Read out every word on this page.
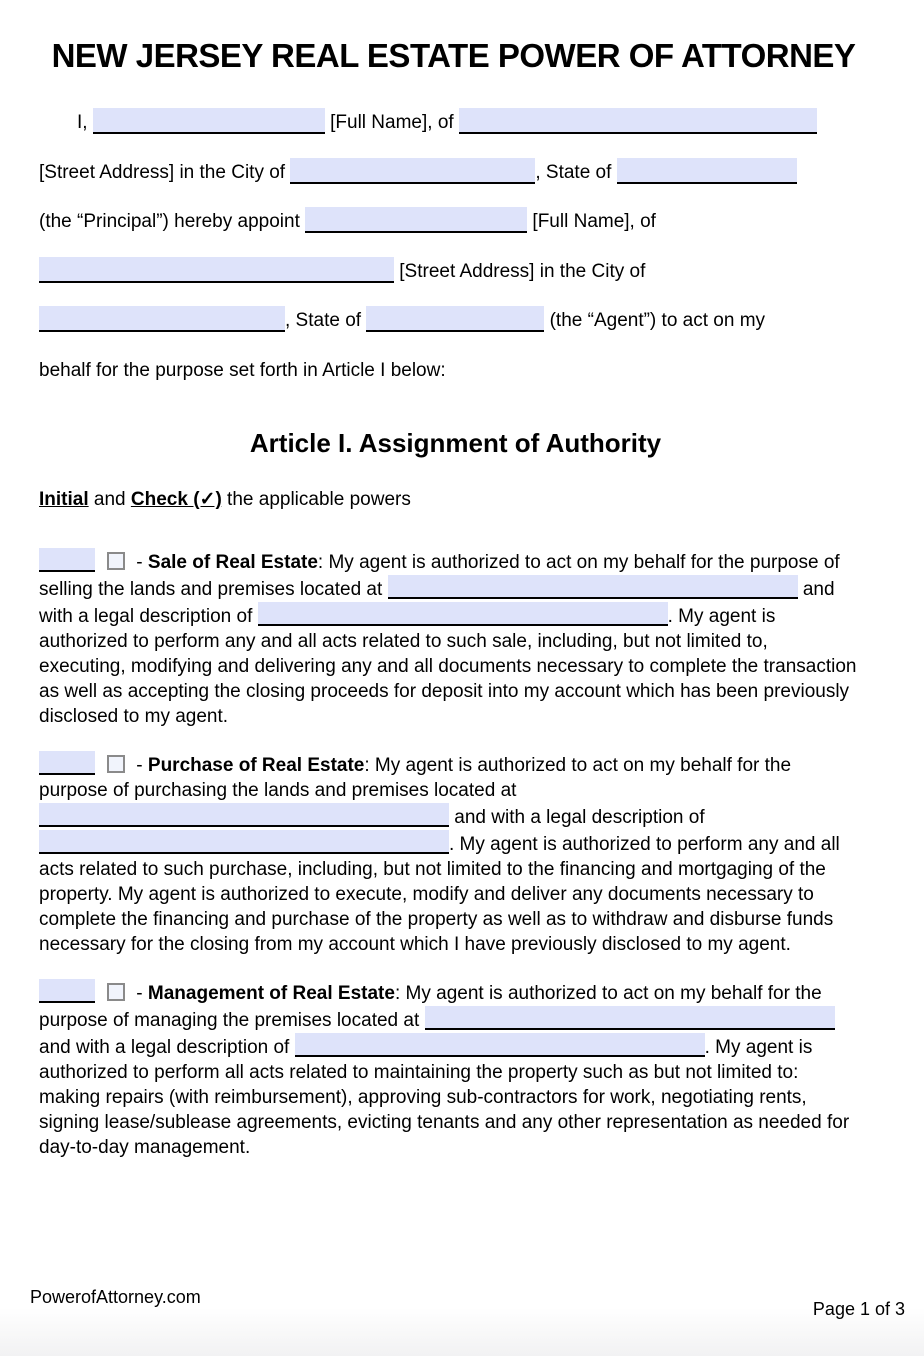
NEW JERSEY REAL ESTATE POWER OF ATTORNEY
I,	[Full Name], of
[Street Address] in the City of	, State of
(the “Principal”) hereby appoint	[Full Name], of
[Street Address] in the City of
, State of	(the “Agent”) to act on my
behalf for the purpose set forth in Article I below:
Article I. Assignment of Authority
Initial and Check (✓) the applicable powers

- Sale of Real Estate: My agent is authorized to act on my behalf for the purpose of selling the lands and premises located at	and with a legal description of	. My agent is authorized to perform any and all acts related to such sale, including, but not limited to, executing, modifying and delivering any and all documents necessary to complete the transaction as well as accepting the closing proceeds for deposit into my account which has been previously disclosed to my agent.

- Purchase of Real Estate: My agent is authorized to act on my behalf for the purpose of purchasing the lands and premises located at  and with a legal description of . My agent is authorized to perform any and all acts related to such purchase, including, but not limited to the financing and mortgaging of the property. My agent is authorized to execute, modify and deliver any documents necessary to complete the financing and purchase of the property as well as to withdraw and disburse funds necessary for the closing from my account which I have previously disclosed to my agent.

- Management of Real Estate: My agent is authorized to act on my behalf for the purpose of managing the premises located at  and with a legal description of	. My agent is authorized to perform all acts related to maintaining the property such as but not limited to: making repairs (with reimbursement), approving sub-contractors for work, negotiating rents, signing lease/sublease agreements, evicting tenants and any other representation as needed for day-to-day management.

PowerofAttorney.com
Page 1 of 3
